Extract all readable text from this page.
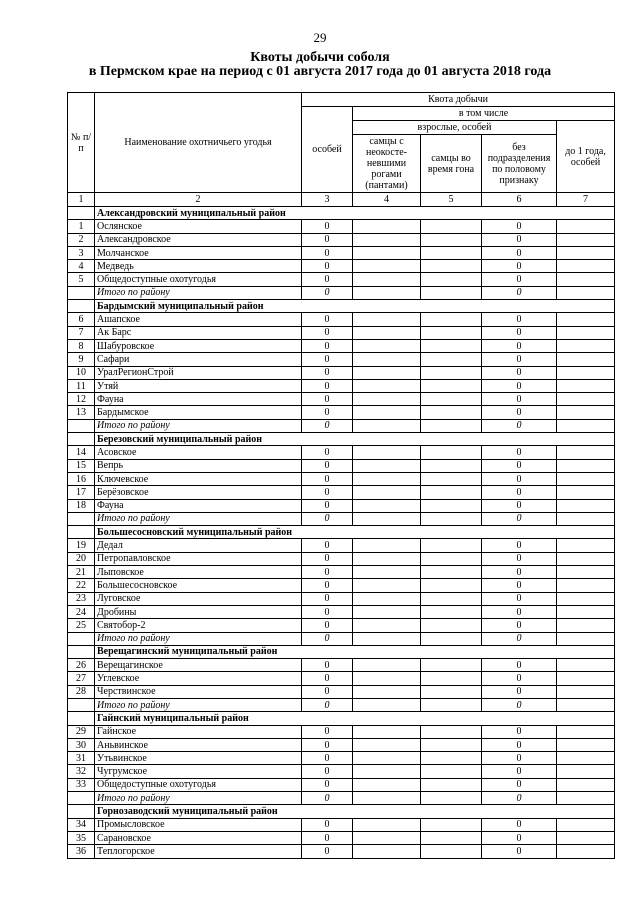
29
Квоты добычи соболя
в Пермском крае на период с 01 августа 2017 года до 01 августа 2018 года
№ п/п	Наименование охотничьего угодья	Квота добычи				
		особей	в том числе			
			взрослые, особей			до 1 года, особей
			самцы с неокосте-невшими рогами (пантами)	самцы во время гона	без подразделения по половому признаку	
1	2	3	4	5	6	7
	Александровский муниципальный район					
1	Ослянское	0			0	
2	Александровское	0			0	
3	Молчанское	0			0	
4	Медведь	0			0	
5	Общедоступные охотугодья	0			0	
	Итого по району	0			0	
	Бардымский муниципальный район					
6	Ашапское	0			0	
7	Ак Барс	0			0	
8	Шабуровское	0			0	
9	Сафари	0			0	
10	УралРегионСтрой	0			0	
11	Утяй	0			0	
12	Фауна	0			0	
13	Бардымское	0			0	
	Итого по району	0			0	
	Березовский муниципальный район					
14	Асовское	0			0	
15	Вепрь	0			0	
16	Ключевское	0			0	
17	Берёзовское	0			0	
18	Фауна	0			0	
	Итого по району	0			0	
	Большесосновский муниципальный район					
19	Дедал	0			0	
20	Петропавловское	0			0	
21	Лыповское	0			0	
22	Большесосновское	0			0	
23	Луговское	0			0	
24	Дробины	0			0	
25	Святобор-2	0			0	
	Итого по району	0			0	
	Верещагинский муниципальный район					
26	Верещагинское	0			0	
27	Углевское	0			0	
28	Черствинское	0			0	
	Итого по району	0			0	
	Гайнский муниципальный район					
29	Гайнское	0			0	
30	Аньвинское	0			0	
31	Утьвинское	0			0	
32	Чугрумское	0			0	
33	Общедоступные охотугодья	0			0	
	Итого по району	0			0	
	Горнозаводский муниципальный район					
34	Промысловское	0			0	
35	Сарановское	0			0	
36	Теплогорское	0			0	
